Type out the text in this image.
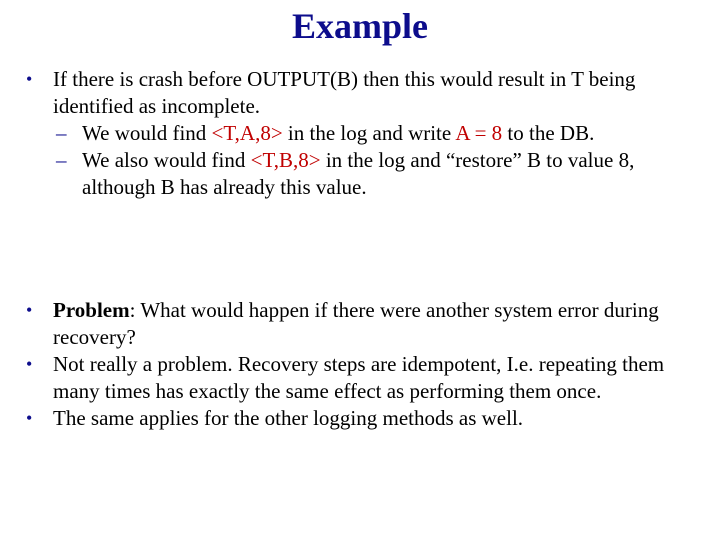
Example

• If there is crash before OUTPUT(B) then this would result in T being identified as incomplete.

– We would find <T,A,8> in the log and write A = 8 to the DB.

– We also would find <T,B,8> in the log and “restore” B to value 8, although B has already this value.

• Problem: What would happen if there were another system error during recovery?

• Not really a problem. Recovery steps are idempotent, I.e. repeating them many times has exactly the same effect as performing them once.

• The same applies for the other logging methods as well.
